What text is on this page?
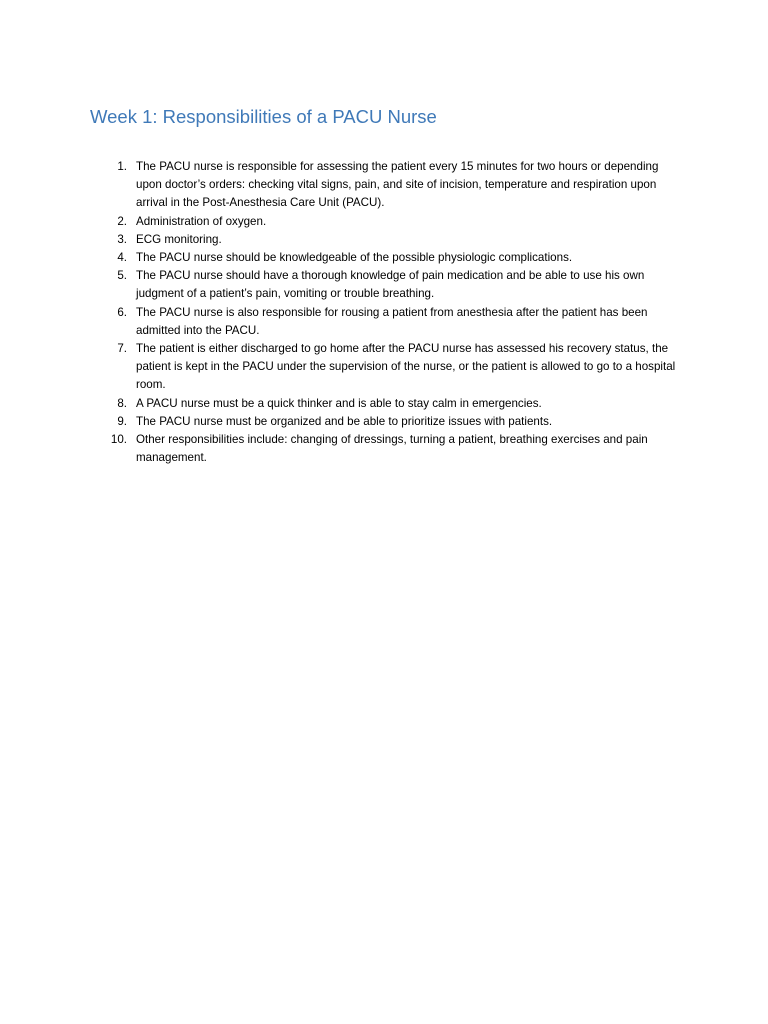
Week 1: Responsibilities of a PACU Nurse
1. The PACU nurse is responsible for assessing the patient every 15 minutes for two hours or depending upon doctor’s orders: checking vital signs, pain, and site of incision, temperature and respiration upon arrival in the Post-Anesthesia Care Unit (PACU).
2. Administration of oxygen.
3. ECG monitoring.
4. The PACU nurse should be knowledgeable of the possible physiologic complications.
5. The PACU nurse should have a thorough knowledge of pain medication and be able to use his own judgment of a patient’s pain, vomiting or trouble breathing.
6. The PACU nurse is also responsible for rousing a patient from anesthesia after the patient has been admitted into the PACU.
7. The patient is either discharged to go home after the PACU nurse has assessed his recovery status, the patient is kept in the PACU under the supervision of the nurse, or the patient is allowed to go to a hospital room.
8. A PACU nurse must be a quick thinker and is able to stay calm in emergencies.
9. The PACU nurse must be organized and be able to prioritize issues with patients.
10. Other responsibilities include: changing of dressings, turning a patient, breathing exercises and pain management.
